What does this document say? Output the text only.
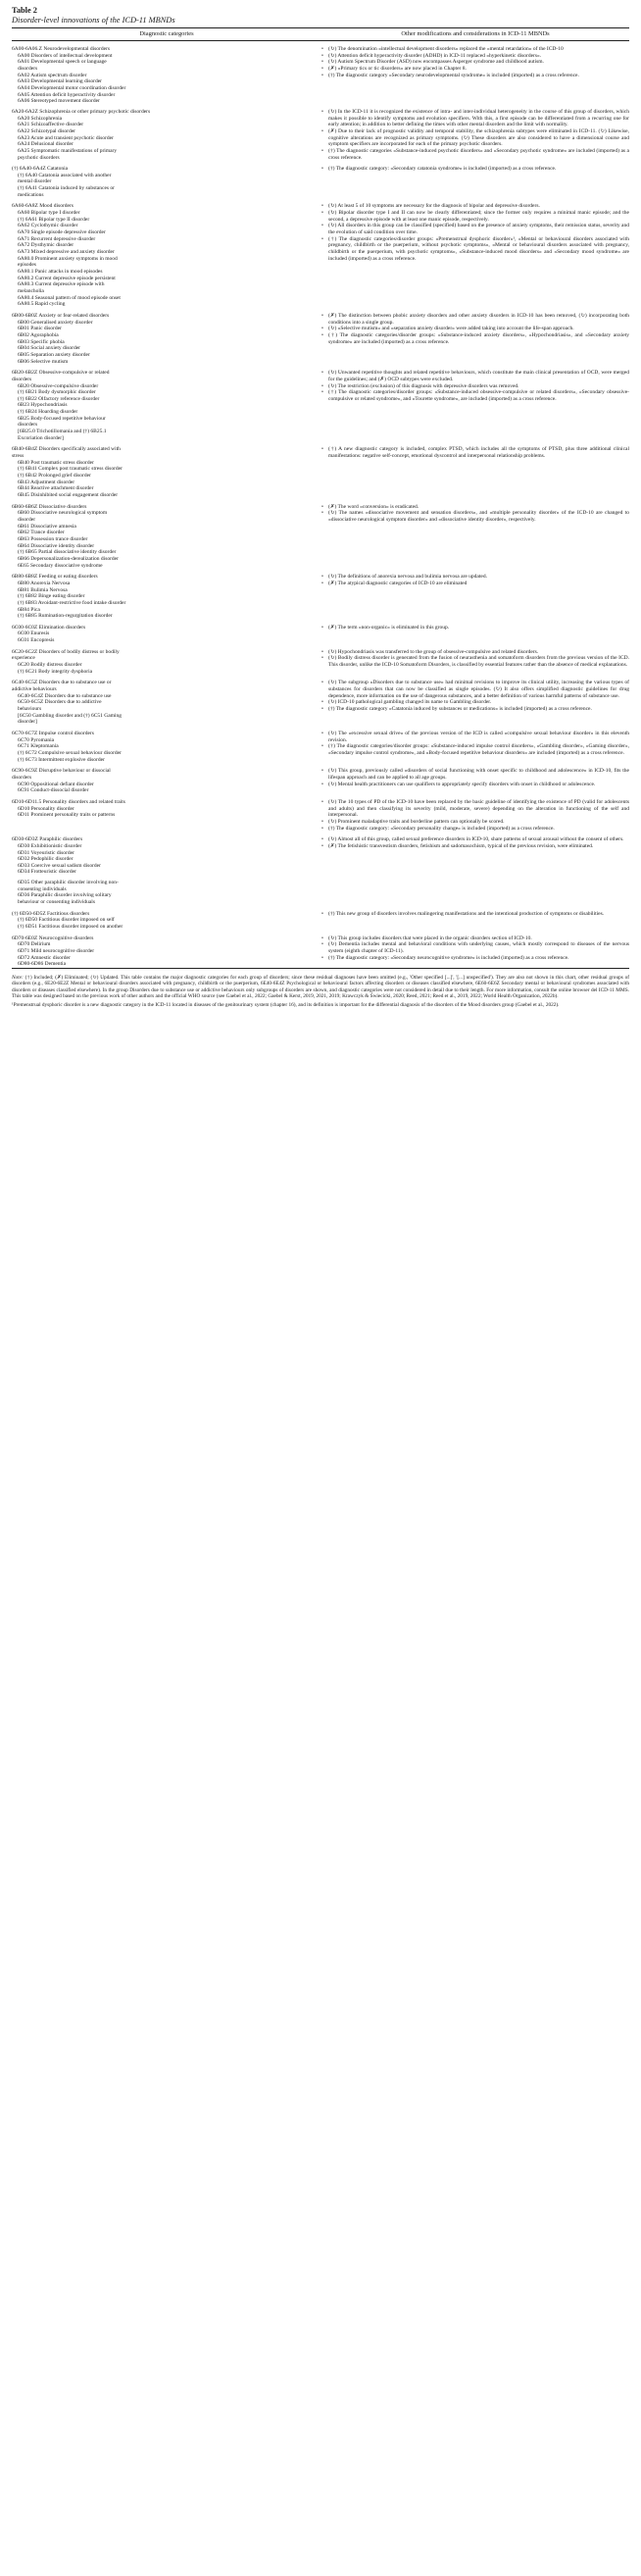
Table 2
Disorder-level innovations of the ICD-11 MBNDs
Diagnostic categories	Other modifications and considerations in ICD-11 MBNDs
6A00-6A06.Z Neurodevelopmental disorders
6A00 Disorders of intellectual development
6A01 Developmental speech or language
disorders
6A02 Autism spectrum disorder
6A03 Developmental learning disorder
6A04 Developmental motor coordination disorder
6A05 Attention deficit hyperactivity disorder
6A06 Stereotyped movement disorder
• (↻) The denomination «intellectual development disorders» replaced the «mental retardation» of the ICD-10
• (↻) Attention deficit hyperactivity disorder (ADHD) in ICD-11 replaced «hyperkinetic disorders».
• (↻) Autism Spectrum Disorder (ASD) now encompasses Asperger syndrome and childhood autism.
• (✗) «Primary tics or tic disorders» are now placed in Chapter 8.
• (†) The diagnostic category «Secondary neurodevelopmental syndrome» is included (imported) as a cross reference.
6A20-6A2Z Schizophrenia or other primary psychotic disorders
6A20 Schizophrenia
6A21 Schizoaffective disorder
6A22 Schizotypal disorder
6A23 Acute and transient psychotic disorder
6A24 Delusional disorder
6A25 Symptomatic manifestations of primary
psychotic disorders
• (↻) In the ICD-11 it is recognized the existence of intra- and inter-individual heterogeneity in the course of this group of disorders, which makes it possible to identify symptoms and evolution specifiers. With this, a first episode can be differentiated from a recurring one for early attention; in addition to better defining the times with other mental disorders and the limit with normality.
• (✗) Due to their lack of prognostic validity and temporal stability, the schizophrenia subtypes were eliminated in ICD-11. (↻) Likewise, cognitive alterations are recognized as primary symptoms. (↻) These disorders are also considered to have a dimensional course and symptom specifiers are incorporated for each of the primary psychotic disorders.
• (†) The diagnostic categories «Substance-induced psychotic disorders» and «Secondary psychotic syndrome» are included (imported) as a cross reference.
(†) 6A40-6A4Z Catatonia
(†) 6A40 Catatonia associated with another
mental disorder
(†) 6A41 Catatonia induced by substances or
medications
• (†) The diagnostic category: «Secondary catatonia syndrome» is included (imported) as a cross reference.
6A60-6A8Z Mood disorders
6A60 Bipolar type I disorder
(†) 6A61 Bipolar type II disorder
6A62 Cyclothymic disorder
6A70 Single episode depressive disorder
6A71 Recurrent depressive disorder
6A72 Dysthymic disorder
6A73 Mixed depressive and anxiety disorder
6A80.0 Prominent anxiety symptoms in mood
episodes
6A80.1 Panic attacks in mood episodes
6A80.2 Current depressive episode persistent
6A80.3 Current depressive episode with
melancholia
6A80.4 Seasonal pattern of mood episode onset
6A80.5 Rapid cycling
• (↻) At least 5 of 10 symptoms are necessary for the diagnosis of bipolar and depressive disorders.
• (↻) Bipolar disorder type I and II can now be clearly differentiated; since the former only requires a minimal manic episode; and the second, a depressive episode with at least one manic episode, respectively.
• (↻) All disorders in this group can be classified (specified) based on the presence of anxiety symptoms, their remission status, severity and the evolution of said condition over time.
• (†) The diagnostic categories/disorder groups: «Premenstrual dysphoric disorder»¹, «Mental or behavioural disorders associated with pregnancy, childbirth or the puerperium, without psychotic symptoms», «Mental or behavioural disorders associated with pregnancy, childbirth or the puerperium, with psychotic symptoms», «Substance-induced mood disorders» and «Secondary mood syndrome» are included (imported) as a cross reference.
6B00-6B0Z Anxiety or fear-related disorders
6B00 Generalised anxiety disorder
6B01 Panic disorder
6B02 Agoraphobia
6B03 Specific phobia
6B04 Social anxiety disorder
6B05 Separation anxiety disorder
6B06 Selective mutism
• (✗) The distinction between phobic anxiety disorders and other anxiety disorders in ICD-10 has been removed, (↻) incorporating both conditions into a single group.
• (↻) «Selective mutism» and «separation anxiety disorder» were added taking into account the life-span approach.
• (†) The diagnostic categories/disorder groups: «Substance-induced anxiety disorders», «Hypochondriasis», and «Secondary anxiety syndrome» are included (imported) as a cross reference.
6B20-6B2Z Obsessive-compulsive or related
disorders
6B20 Obsessive-compulsive disorder
(†) 6B21 Body dysmorphic disorder
(†) 6B22 Olfactory reference disorder
6B23 Hypochondriasis
(†) 6B24 Hoarding disorder
6B25 Body-focused repetitive behaviour
disorders
[6B25.0 Trichotillomania and (†) 6B25.1
Excoriation disorder]
• (↻) Unwanted repetitive thoughts and related repetitive behaviours, which constitute the main clinical presentation of OCD, were merged for the guidelines; and (✗) OCD subtypes were excluded.
• (↻) The restriction (exclusion) of this diagnosis with depressive disorders was removed.
• (†) The diagnostic categories/disorder groups: «Substance-induced obsessive-compulsive or related disorders», «Secondary obsessive-compulsive or related syndrome», and «Tourette syndrome», are included (imported) as a cross reference.
6B40-6B4Z Disorders specifically associated with
stress
6B40 Post traumatic stress disorder
(†) 6B41 Complex post traumatic stress disorder
(†) 6B42 Prolonged grief disorder
6B43 Adjustment disorder
6B44 Reactive attachment disorder
6B45 Disinhibited social engagement disorder
• (†) A new diagnostic category is included, complex PTSD, which includes all the symptoms of PTSD, plus three additional clinical manifestations: negative self-concept, emotional dyscontrol and interpersonal relationship problems.
6B60-6B6Z Dissociative disorders
6B60 Dissociative neurological symptom
disorder
6B61 Dissociative amnesia
6B62 Trance disorder
6B63 Possession trance disorder
6B64 Dissociative identity disorder
(†) 6B65 Partial dissociative identity disorder
6B66 Depersonalization-derealization disorder
6E65 Secondary dissociative syndrome
• (✗) The word «conversion» is eradicated.
• (↻) The names «dissociative movement and sensation disorders», and «multiple personality disorder» of the ICD-10 are changed to «dissociative neurological symptom disorder» and «dissociative identity disorder», respectively.
6B80-6B8Z Feeding or eating disorders
6B80 Anorexia Nervosa
6B81 Bulimia Nervosa
(†) 6B82 Binge eating disorder
(†) 6B83 Avoidant-restrictive food intake disorder
6B84 Pica
(†) 6B85 Rumination-regurgitation disorder
• (↻) The definitions of anorexia nervosa and bulimia nervosa are updated.
• (✗) The atypical diagnostic categories of ICD-10 are eliminated
6C00-6C0Z Elimination disorders
6C00 Enuresis
6C01 Encopresis
• (✗) The term «non-organic» is eliminated in this group.
6C20-6C2Z Disorders of bodily distress or bodily
experience
6C20 Bodily distress disorder
(†) 6C21 Body integrity dysphoria
• (↻) Hypochondriasis was transferred to the group of obsessive-compulsive and related disorders.
• (↻) Bodily distress disorder is generated from the fusion of neurasthenia and somatoform disorders from the previous version of the ICD. This disorder, unlike the ICD-10 Somatoform Disorders, is classified by essential features rather than the absence of medical explanations.
6C40-6C5Z Disorders due to substance use or
addictive behaviours
6C40-6C4Z Disorders due to substance use
6C50-6C5Z Disorders due to addictive
behaviours
[6C50 Gambling disorder and (†) 6C51 Gaming
disorder]
• (↻) The subgroup «Disorders due to substance use» had minimal revisions to improve its clinical utility, increasing the various types of substances for disorders that can now be classified as single episodes. (↻) It also offers simplified diagnostic guidelines for drug dependence, more information on the use of dangerous substances, and a better definition of various harmful patterns of substance use.
• (↻) ICD-10 pathological gambling changed its name to Gambling disorder.
• (†) The diagnostic category «Catatonia induced by substances or medications» is included (imported) as a cross reference.
6C70-6C7Z Impulse control disorders
6C70 Pyromania
6C71 Kleptomania
(†) 6C72 Compulsive sexual behaviour disorder
(†) 6C73 Intermittent explosive disorder
• (↻) The «excessive sexual drive» of the previous version of the ICD is called «compulsive sexual behaviour disorder» in this eleventh revision.
• (†) The diagnostic categories/disorder groups: «Substance-induced impulse control disorders», «Gambling disorder», «Gaming disorder», «Secondary impulse control syndrome», and «Body-focused repetitive behaviour disorders» are included (imported) as a cross reference.
6C90-6C9Z Disruptive behaviour or dissocial
disorders
6C90 Oppositional defiant disorder
6C91 Conduct-dissocial disorder
• (↻) This group, previously called «disorders of social functioning with onset specific to childhood and adolescence» in ICD-10, fits the lifespan approach and can be applied to all age groups.
• (↻) Mental health practitioners can use qualifiers to appropriately specify disorders with onset in childhood or adolescence.
6D10-6D11.5 Personality disorders and related traits
6D10 Personality disorder
6D11 Prominent personality traits or patterns
• (↻) The 10 types of PD of the ICD-10 have been replaced by the basic guideline of identifying the existence of PD (valid for adolescents and adults) and then classifying its severity (mild, moderate, severe) depending on the alteration in functioning of the self and interpersonal.
• (↻) Prominent maladaptive traits and borderline pattern can optionally be scored.
• (†) The diagnostic category: «Secondary personality change» is included (imported) as a cross reference.
6D30-6D3Z Paraphilic disorders
6D30 Exhibitionistic disorder
6D31 Voyeuristic disorder
6D32 Pedophilic disorder
6D33 Coercive sexual sadism disorder
6D34 Frotteuristic disorder
• (↻) Almost all of this group, called sexual preference disorders in ICD-10, share patterns of sexual arousal without the consent of others.
• (✗) The fetishistic transvestism disorders, fetishism and sadomasochism, typical of the previous revision, were eliminated.
6D35 Other paraphilic disorder involving non-
consenting individuals
6D36 Paraphilic disorder involving solitary
behaviour or consenting individuals
(†) 6D50-6D5Z Factitious disorders
(†) 6D50 Factitious disorder imposed on self
(†) 6D51 Factitious disorder imposed on another
• (†) This new group of disorders involves malingering manifestations and the intentional production of symptoms or disabilities.
6D70-6E0Z Neurocognitive disorders
6D70 Delirium
6D71 Mild neurocognitive disorder
6D72 Amnestic disorder
6D80-6D86 Dementia
• (↻) This group includes disorders that were placed in the organic disorders section of ICD-10.
• (↻) Dementia includes mental and behavioral conditions with underlying causes, which mostly correspond to diseases of the nervous system (eighth chapter of ICD-11).
• (†) The diagnostic category: «Secondary neurocognitive syndrome» is included (imported) as a cross reference.

Note: (†) Included; (✗) Eliminated; (↻) Updated. This table contains the major diagnostic categories for each group of disorders; since these residual diagnoses have been omitted (e.g., 'Other specified [...]', '[...] unspecified'). They are also not shown in this chart, other residual groups of disorders (e.g., 6E20-6E2Z Mental or behavioural disorders associated with pregnancy, childbirth or the puerperium, 6E40-6E4Z Psychological or behavioural factors affecting disorders or diseases classified elsewhere, 6E60-6E6Z Secondary mental or behavioural syndromes associated with disorders or diseases classified elsewhere). In the group Disorders due to substance use or addictive behaviours only subgroups of disorders are shown, and diagnostic categories were not considered in detail due to their length. For more information, consult the online browser del ICD-11 MMS. This table was designed based on the previous work of other authors and the official WHO source (see Gaebel et al., 2022; Gaebel & Kerst, 2019, 2021, 2019; Krawczyk & Świecicki, 2020; Reed, 2021; Reed et al., 2019, 2022; World Health Organization, 2022b).

¹Premenstrual dysphoric disorder is a new diagnostic category in the ICD-11 located in diseases of the genitourinary system (chapter 16), and its definition is important for the differential diagnosis of the disorders of the Mood disorders group (Gaebel et al., 2022).
